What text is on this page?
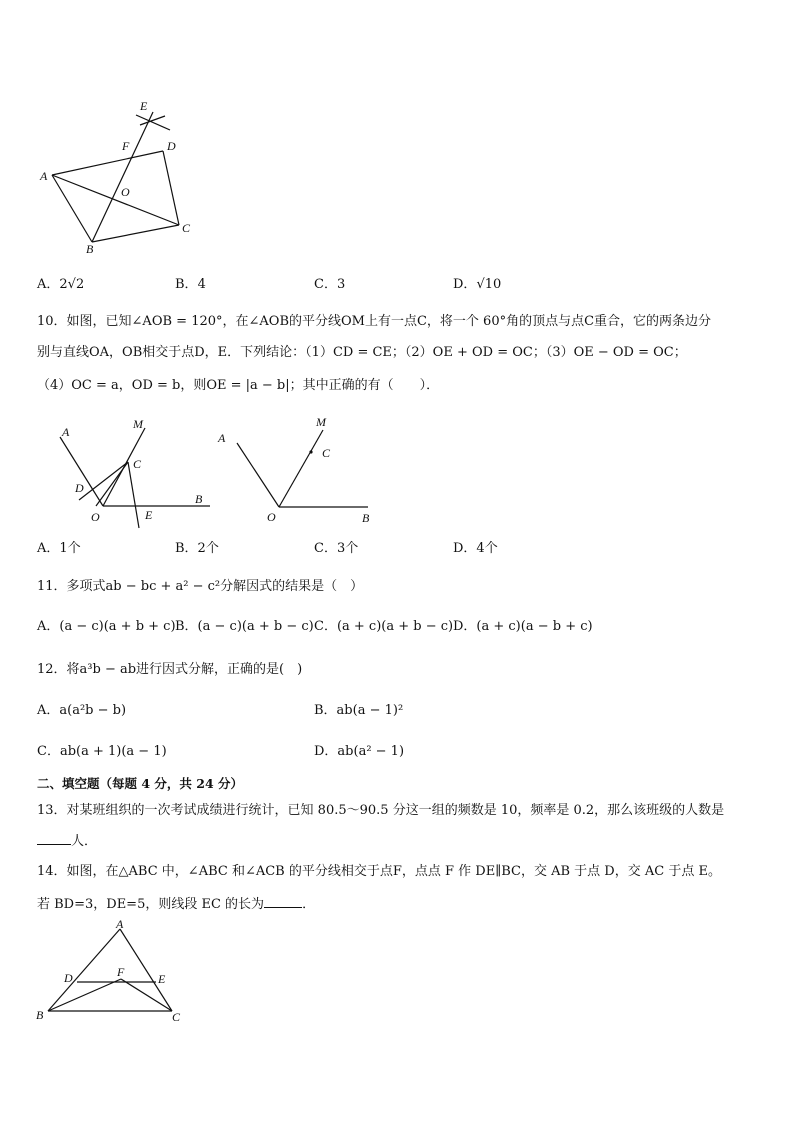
E
F	D
A
O
B
C
A．2√2	B．4	C．3	D．√10
10．如图，已知∠AOB = 120°，在∠AOB的平分线OM上有一点C，将一个 60°角的顶点与点C重合，它的两条边分
别与直线OA，OB相交于点D，E．下列结论：（1）CD = CE；（2）OE + OD = OC；（3）OE − OD = OC；
（4）OC = a，OD = b，则OE = |a − b|；其中正确的有（　　）．
A
M
C
D
O	E
B
A
M
C
O	B
A．1个	B．2个	C．3个	D．4个
11．多项式ab − bc + a² − c²分解因式的结果是（　）
A．(a − c)(a + b + c) B．(a − c)(a + b − c) C．(a + c)(a + b − c) D．(a + c)(a − b + c)
12．将a³b − ab进行因式分解，正确的是(　)
A．a(a²b − b)	B．ab(a − 1)²
C．ab(a + 1)(a − 1)	D．ab(a² − 1)
二、填空题（每题 4 分，共 24 分）
13．对某班组织的一次考试成绩进行统计，已知 80.5～90.5 分这一组的频数是 10，频率是 0.2，那么该班级的人数是
人．
14．如图，在△ABC 中，∠ABC 和∠ACB 的平分线相交于点F，点点 F 作 DE∥BC，交 AB 于点 D，交 AC 于点 E。
若 BD=3，DE=5，则线段 EC 的长为	．
A
D	F	E
B	C
